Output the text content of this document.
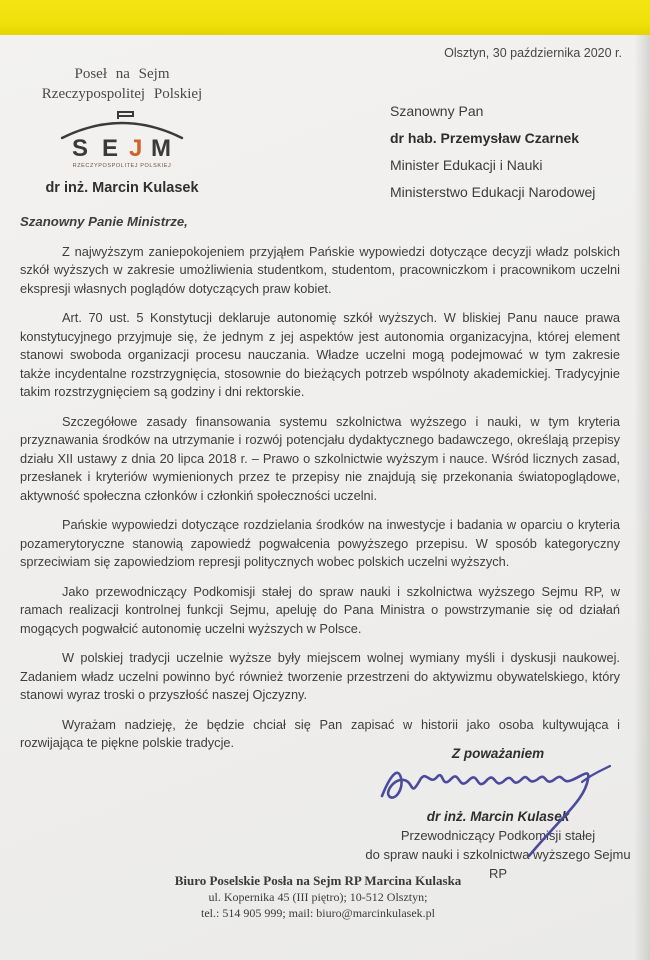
Olsztyn, 30 października 2020 r.
Poseł na Sejm
Rzeczypospolitej Polskiej
S E J M
RZECZYPOSPOLITEJ POLSKIEJ
dr inż. Marcin Kulasek
Szanowny Pan
dr hab. Przemysław Czarnek
Minister Edukacji i Nauki
Ministerstwo Edukacji Narodowej

Szanowny Panie Ministrze,

Z najwyższym zaniepokojeniem przyjąłem Pańskie wypowiedzi dotyczące decyzji władz polskich szkół wyższych w zakresie umożliwienia studentkom, studentom, pracowniczkom i pracownikom uczelni ekspresji własnych poglądów dotyczących praw kobiet.

Art. 70 ust. 5 Konstytucji deklaruje autonomię szkół wyższych. W bliskiej Panu nauce prawa konstytucyjnego przyjmuje się, że jednym z jej aspektów jest autonomia organizacyjna, której element stanowi swoboda organizacji procesu nauczania. Władze uczelni mogą podejmować w tym zakresie także incydentalne rozstrzygnięcia, stosownie do bieżących potrzeb wspólnoty akademickiej. Tradycyjnie takim rozstrzygnięciem są godziny i dni rektorskie.

Szczegółowe zasady finansowania systemu szkolnictwa wyższego i nauki, w tym kryteria przyznawania środków na utrzymanie i rozwój potencjału dydaktycznego badawczego, określają przepisy działu XII ustawy z dnia 20 lipca 2018 r. – Prawo o szkolnictwie wyższym i nauce. Wśród licznych zasad, przesłanek i kryteriów wymienionych przez te przepisy nie znajdują się przekonania światopoglądowe, aktywność społeczna członków i członkiń społeczności uczelni.

Pańskie wypowiedzi dotyczące rozdzielania środków na inwestycje i badania w oparciu o kryteria pozamerytoryczne stanowią zapowiedź pogwałcenia powyższego przepisu. W sposób kategoryczny sprzeciwiam się zapowiedziom represji politycznych wobec polskich uczelni wyższych.

Jako przewodniczący Podkomisji stałej do spraw nauki i szkolnictwa wyższego Sejmu RP, w ramach realizacji kontrolnej funkcji Sejmu, apeluję do Pana Ministra o powstrzymanie się od działań mogących pogwałcić autonomię uczelni wyższych w Polsce.

W polskiej tradycji uczelnie wyższe były miejscem wolnej wymiany myśli i dyskusji naukowej. Zadaniem władz uczelni powinno być również tworzenie przestrzeni do aktywizmu obywatelskiego, który stanowi wyraz troski o przyszłość naszej Ojczyzny.

Wyrażam nadzieję, że będzie chciał się Pan zapisać w historii jako osoba kultywująca i rozwijająca te piękne polskie tradycje.

Z poważaniem
dr inż. Marcin Kulasek
Przewodniczący Podkomisji stałej
do spraw nauki i szkolnictwa wyższego Sejmu RP
Biuro Poselskie Posła na Sejm RP Marcina Kulaska
ul. Kopernika 45 (III piętro); 10-512 Olsztyn;
tel.: 514 905 999; mail: biuro@marcinkulasek.pl
